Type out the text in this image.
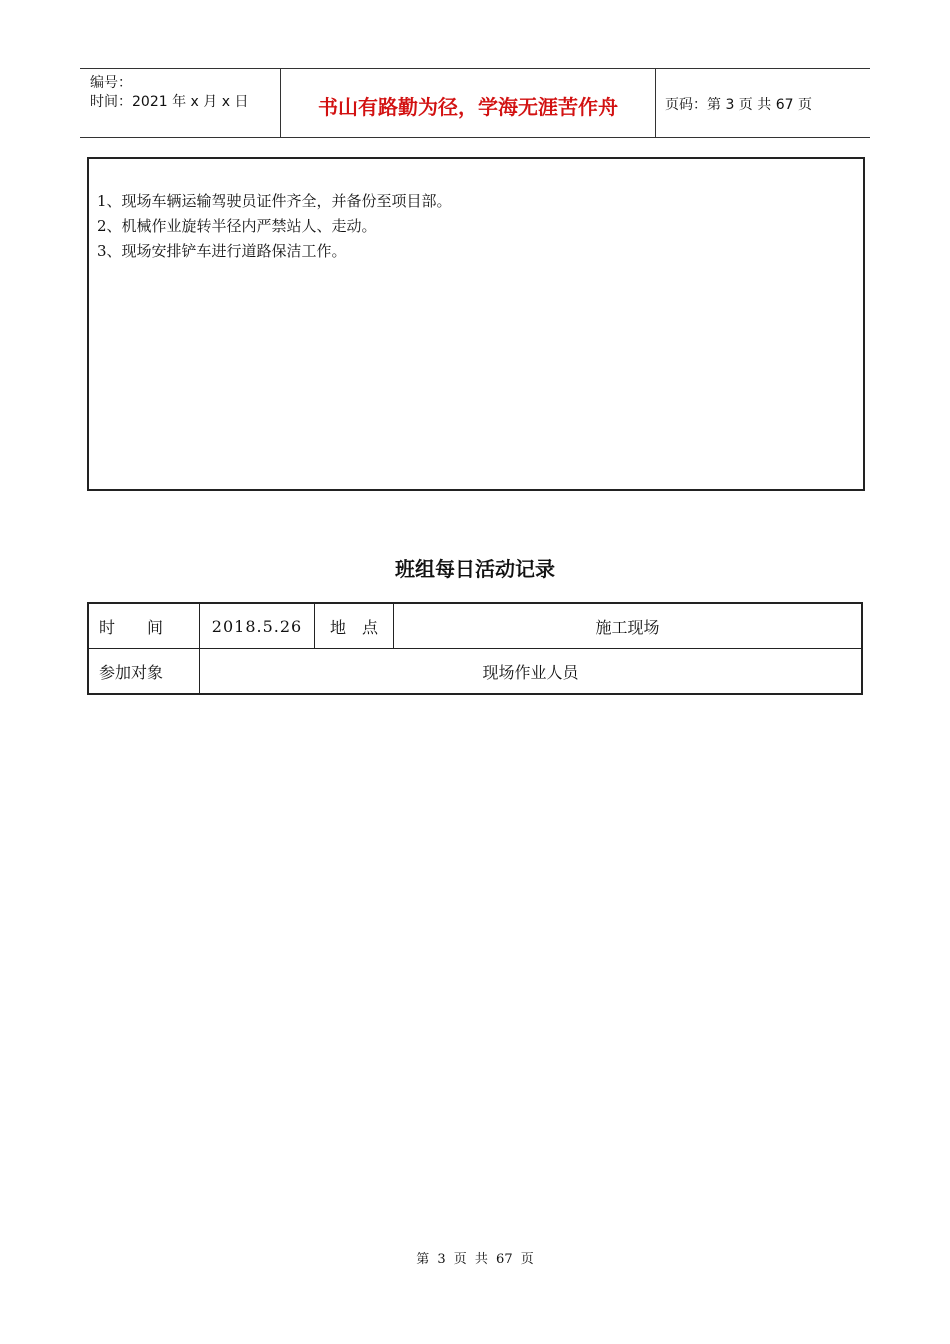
编号：
时间：2021 年 x 月 x 日	书山有路勤为径，学海无涯苦作舟	页码：第 3 页 共 67 页
1、现场车辆运输驾驶员证件齐全，并备份至项目部。
2、机械作业旋转半径内严禁站人、走动。
3、现场安排铲车进行道路保洁工作。
班组每日活动记录
时　　间	2018.5.26	地　点	施工现场
参加对象	现场作业人员		
第 3 页 共 67 页
